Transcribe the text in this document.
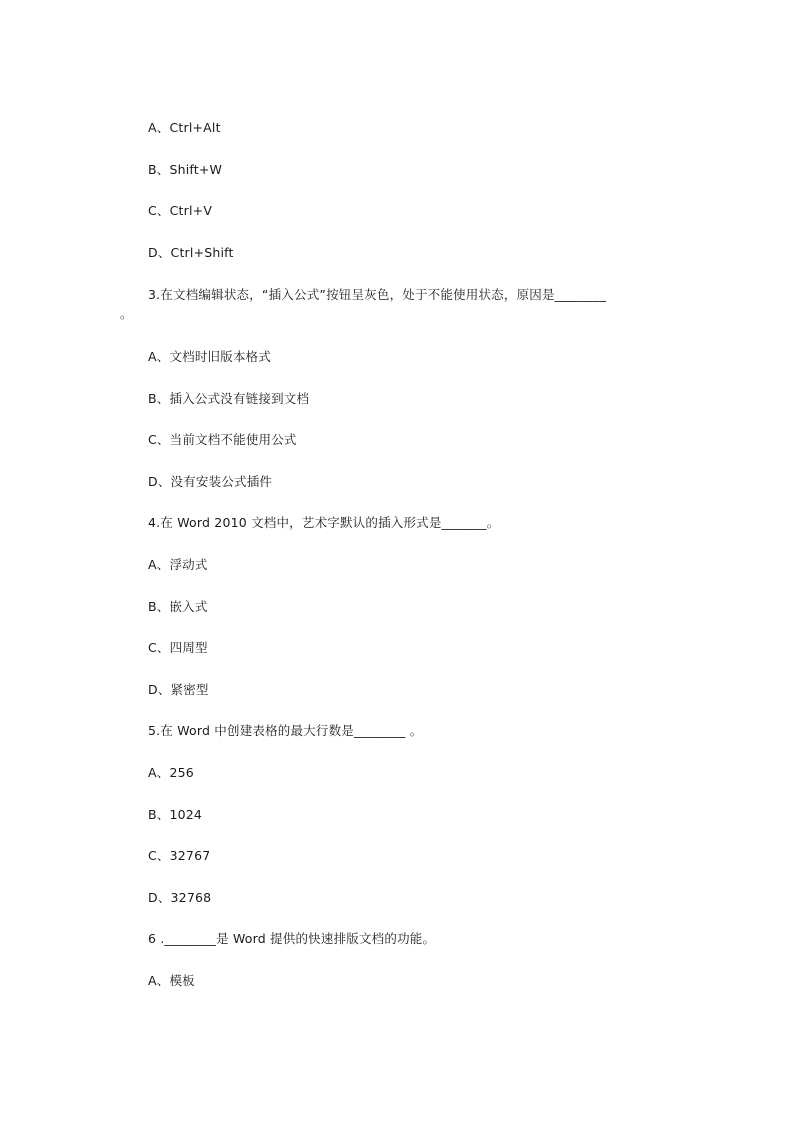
A、Ctrl+Alt
B、Shift+W
C、Ctrl+V
D、Ctrl+Shift
3.在文档编辑状态，“插入公式”按钮呈灰色，处于不能使用状态，原因是________
。
A、文档时旧版本格式
B、插入公式没有链接到文档
C、当前文档不能使用公式
D、没有安装公式插件
4.在 Word 2010 文档中，艺术字默认的插入形式是_______。
A、浮动式
B、嵌入式
C、四周型
D、紧密型
5.在 Word 中创建表格的最大行数是________ 。
A、256
B、1024
C、32767
D、32768
6 .________是 Word 提供的快速排版文档的功能。
A、模板
